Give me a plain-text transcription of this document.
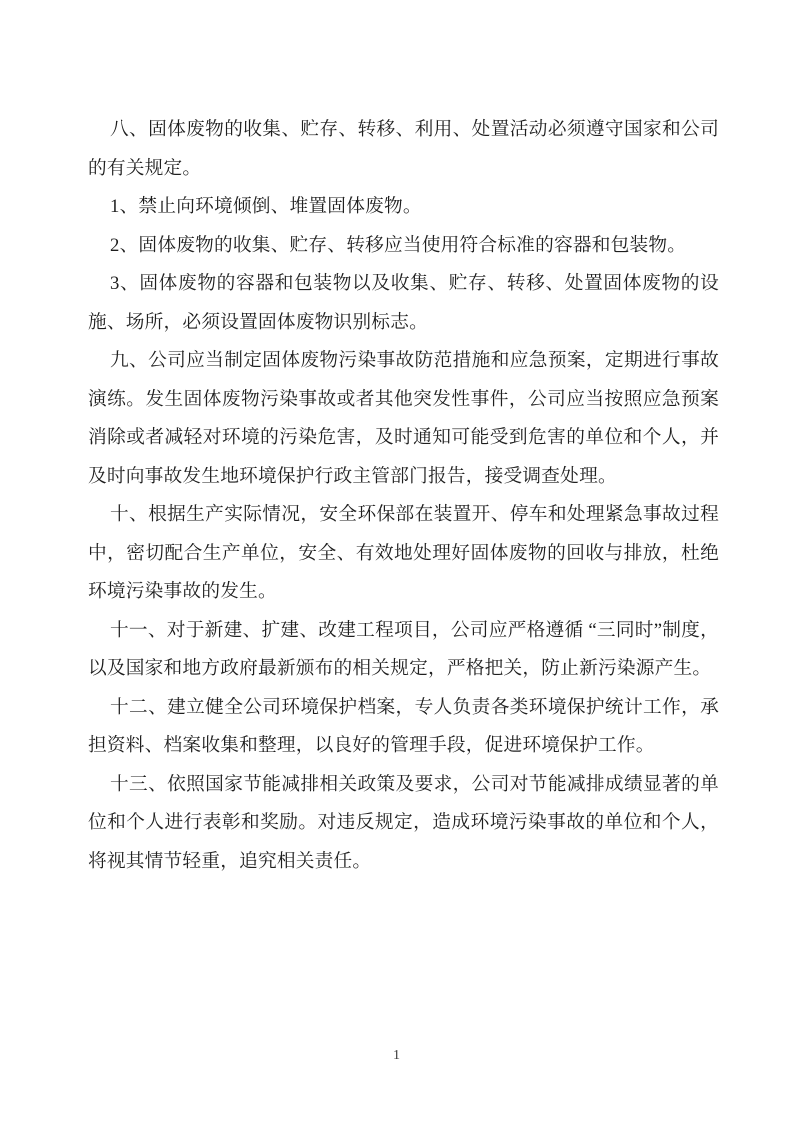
八、固体废物的收集、贮存、转移、利用、处置活动必须遵守国家和公司的有关规定。

1、禁止向环境倾倒、堆置固体废物。

2、固体废物的收集、贮存、转移应当使用符合标准的容器和包装物。

3、固体废物的容器和包装物以及收集、贮存、转移、处置固体废物的设施、场所，必须设置固体废物识别标志。

九、公司应当制定固体废物污染事故防范措施和应急预案，定期进行事故演练。发生固体废物污染事故或者其他突发性事件，公司应当按照应急预案消除或者减轻对环境的污染危害，及时通知可能受到危害的单位和个人，并及时向事故发生地环境保护行政主管部门报告，接受调查处理。

十、根据生产实际情况，安全环保部在装置开、停车和处理紧急事故过程中，密切配合生产单位，安全、有效地处理好固体废物的回收与排放，杜绝环境污染事故的发生。

十一、对于新建、扩建、改建工程项目，公司应严格遵循 “三同时”制度，以及国家和地方政府最新颁布的相关规定，严格把关，防止新污染源产生。

十二、建立健全公司环境保护档案，专人负责各类环境保护统计工作，承担资料、档案收集和整理，以良好的管理手段，促进环境保护工作。

十三、依照国家节能减排相关政策及要求，公司对节能减排成绩显著的单位和个人进行表彰和奖励。对违反规定，造成环境污染事故的单位和个人，将视其情节轻重，追究相关责任。

1
